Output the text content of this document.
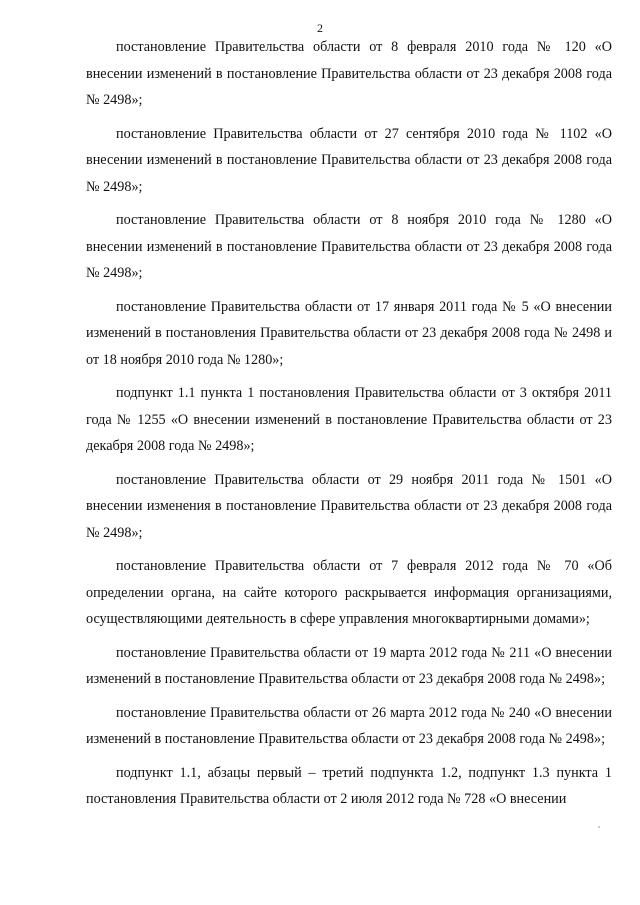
2

постановление Правительства области от 8 февраля 2010 года № 120 «О внесении изменений в постановление Правительства области от 23 декабря 2008 года № 2498»;

постановление Правительства области от 27 сентября 2010 года № 1102 «О внесении изменений в постановление Правительства области от 23 декабря 2008 года № 2498»;

постановление Правительства области от 8 ноября 2010 года № 1280 «О внесении изменений в постановление Правительства области от 23 декабря 2008 года № 2498»;

постановление Правительства области от 17 января 2011 года № 5 «О внесении изменений в постановления Правительства области от 23 декабря 2008 года № 2498 и от 18 ноября 2010 года № 1280»;

подпункт 1.1 пункта 1 постановления Правительства области от 3 октября 2011 года № 1255 «О внесении изменений в постановление Правительства области от 23 декабря 2008 года № 2498»;

постановление Правительства области от 29 ноября 2011 года № 1501 «О внесении изменения в постановление Правительства области от 23 декабря 2008 года № 2498»;

постановление Правительства области от 7 февраля 2012 года № 70 «Об определении органа, на сайте которого раскрывается информация организациями, осуществляющими деятельность в сфере управления многоквартирными домами»;

постановление Правительства области от 19 марта 2012 года № 211 «О внесении изменений в постановление Правительства области от 23 декабря 2008 года № 2498»;

постановление Правительства области от 26 марта 2012 года № 240 «О внесении изменений в постановление Правительства области от 23 декабря 2008 года № 2498»;

подпункт 1.1, абзацы первый – третий подпункта 1.2, подпункт 1.3 пункта 1 постановления Правительства области от 2 июля 2012 года № 728 «О внесении
